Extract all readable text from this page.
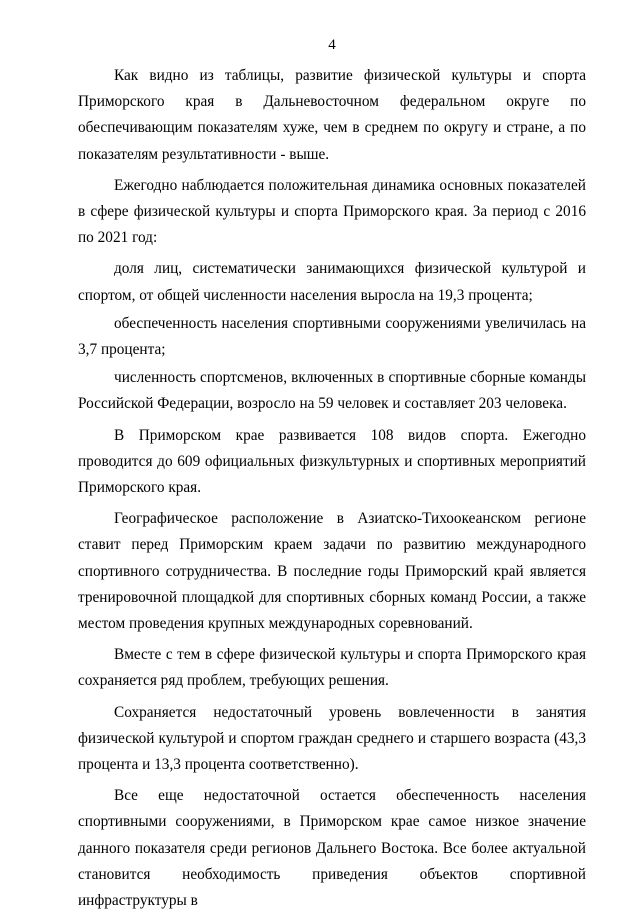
4

Как видно из таблицы, развитие физической культуры и спорта Приморского края в Дальневосточном федеральном округе по обеспечивающим показателям хуже, чем в среднем по округу и стране, а по показателям результативности - выше.

Ежегодно наблюдается положительная динамика основных показателей в сфере физической культуры и спорта Приморского края. За период с 2016 по 2021 год:

доля лиц, систематически занимающихся физической культурой и спортом, от общей численности населения выросла на 19,3 процента;

обеспеченность населения спортивными сооружениями увеличилась на 3,7 процента;

численность спортсменов, включенных в спортивные сборные команды Российской Федерации, возросло на 59 человек и составляет 203 человека.

В Приморском крае развивается 108 видов спорта. Ежегодно проводится до 609 официальных физкультурных и спортивных мероприятий Приморского края.

Географическое расположение в Азиатско-Тихоокеанском регионе ставит перед Приморским краем задачи по развитию международного спортивного сотрудничества. В последние годы Приморский край является тренировочной площадкой для спортивных сборных команд России, а также местом проведения крупных международных соревнований.

Вместе с тем в сфере физической культуры и спорта Приморского края сохраняется ряд проблем, требующих решения.

Сохраняется недостаточный уровень вовлеченности в занятия физической культурой и спортом граждан среднего и старшего возраста (43,3 процента и 13,3 процента соответственно).

Все еще недостаточной остается обеспеченность населения спортивными сооружениями, в Приморском крае самое низкое значение данного показателя среди регионов Дальнего Востока. Все более актуальной становится необходимость приведения объектов спортивной инфраструктуры в
